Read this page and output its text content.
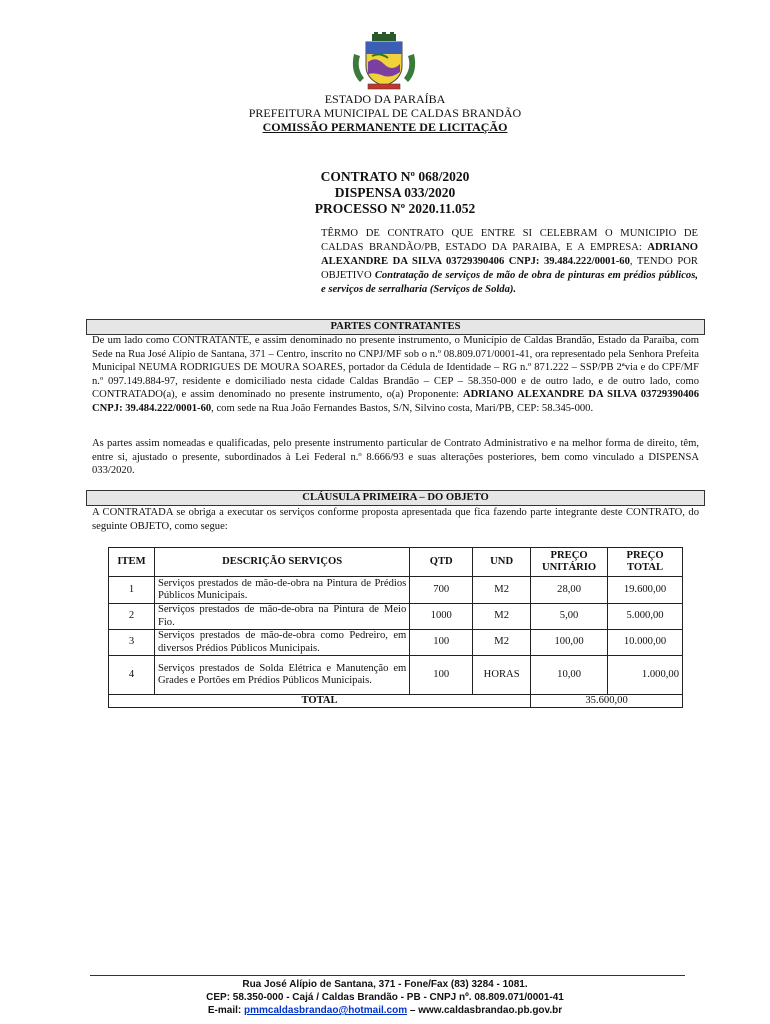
ESTADO DA PARAÍBA
PREFEITURA MUNICIPAL DE CALDAS BRANDÃO
COMISSÃO PERMANENTE DE LICITAÇÃO
CONTRATO Nº 068/2020
DISPENSA 033/2020
PROCESSO Nº 2020.11.052
TÊRMO DE CONTRATO QUE ENTRE SI CELEBRAM O MUNICIPIO DE CALDAS BRANDÃO/PB, ESTADO DA PARAIBA, E A EMPRESA: ADRIANO ALEXANDRE DA SILVA 03729390406 CNPJ: 39.484.222/0001-60, TENDO POR OBJETIVO Contratação de serviços de mão de obra de pinturas em prédios públicos, e serviços de serralharia (Serviços de Solda).
PARTES CONTRATANTES
De um lado como CONTRATANTE, e assim denominado no presente instrumento, o Município de Caldas Brandão, Estado da Paraíba, com Sede na Rua José Alípio de Santana, 371 – Centro, inscrito no CNPJ/MF sob o n.º 08.809.071/0001-41, ora representado pela Senhora Prefeita Municipal NEUMA RODRIGUES DE MOURA SOARES, portador da Cédula de Identidade – RG n.º 871.222 – SSP/PB 2ªvia e do CPF/MF n.º 097.149.884-97, residente e domiciliado nesta cidade Caldas Brandão – CEP – 58.350-000 e de outro lado, e de outro lado, como CONTRATADO(a), e assim denominado no presente instrumento, o(a) Proponente: ADRIANO ALEXANDRE DA SILVA 03729390406 CNPJ: 39.484.222/0001-60, com sede na Rua João Fernandes Bastos, S/N, Silvino costa, Mari/PB, CEP: 58.345-000.
As partes assim nomeadas e qualificadas, pelo presente instrumento particular de Contrato Administrativo e na melhor forma de direito, têm, entre si, ajustado o presente, subordinados à Lei Federal n.º 8.666/93 e suas alterações posteriores, bem como vinculado a DISPENSA 033/2020.
CLÁUSULA PRIMEIRA – DO OBJETO
A CONTRATADA se obriga a executar os serviços conforme proposta apresentada que fica fazendo parte integrante deste CONTRATO, do seguinte OBJETO, como segue:
ITEM	DESCRIÇÃO SERVIÇOS	QTD	UND	PREÇO UNITÁRIO	PREÇO TOTAL
1	Serviços prestados de mão-de-obra na Pintura de Prédios Públicos Municipais.	700	M2	28,00	19.600,00
2	Serviços prestados de mão-de-obra na Pintura de Meio Fio.	1000	M2	5,00	5.000,00
3	Serviços prestados de mão-de-obra como Pedreiro, em diversos Prédios Públicos Municipais.	100	M2	100,00	10.000,00
4	Serviços prestados de Solda Elétrica e Manutenção em Grades e Portões em Prédios Públicos Municipais.	100	HORAS	10,00	1.000,00
TOTAL				35.600,00	
Rua José Alípio de Santana, 371 - Fone/Fax (83) 3284 - 1081.
CEP: 58.350-000 - Cajá / Caldas Brandão - PB - CNPJ nº. 08.809.071/0001-41
E-mail: pmmcaldasbrandao@hotmail.com – www.caldasbrandao.pb.gov.br
